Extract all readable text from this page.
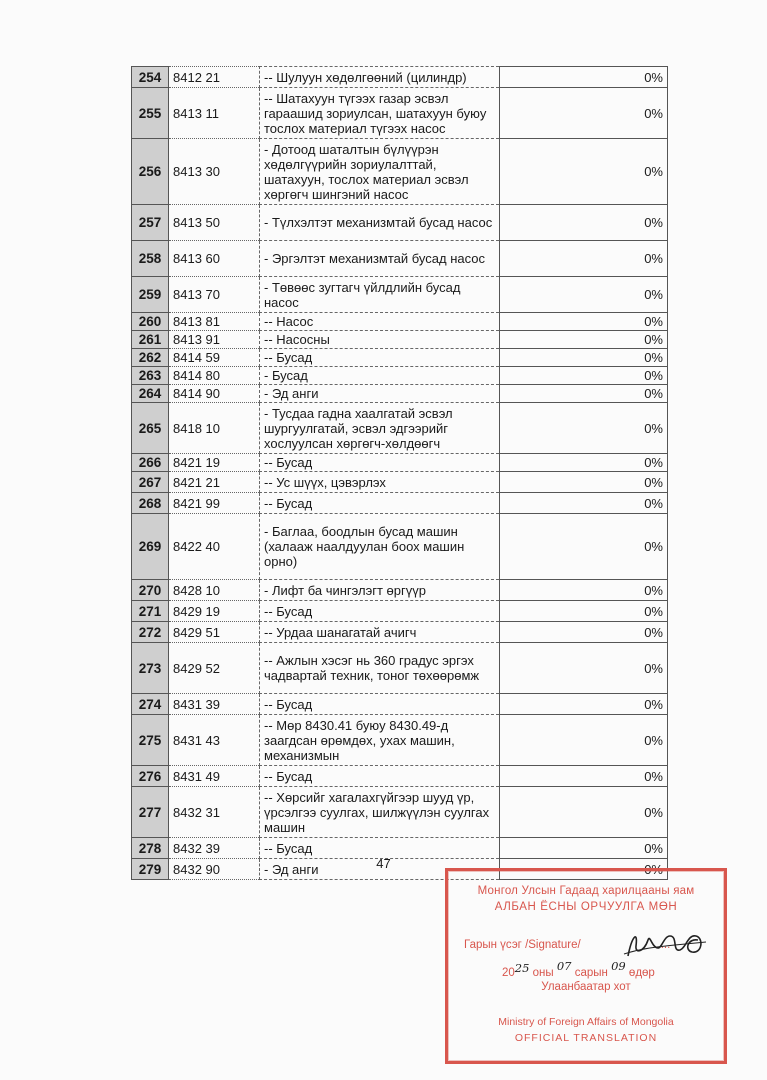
254	8412 21	-- Шулуун хөдөлгөөний (цилиндр)	0%
255	8413 11	-- Шатахуун түгээх газар эсвэл гараашид зориулсан, шатахуун буюу тослох материал түгээх насос	0%
256	8413 30	- Дотоод шаталтын бүлүүрэн хөдөлгүүрийн зориулалттай, шатахуун, тослох материал эсвэл хөргөгч шингэний насос	0%
257	8413 50	- Түлхэлтэт механизмтай бусад насос	0%
258	8413 60	- Эргэлтэт механизмтай бусад насос	0%
259	8413 70	- Төвөөс зугтагч үйлдлийн бусад насос	0%
260	8413 81	-- Насос	0%
261	8413 91	-- Насосны	0%
262	8414 59	-- Бусад	0%
263	8414 80	- Бусад	0%
264	8414 90	- Эд анги	0%
265	8418 10	- Тусдаа гадна хаалгатай эсвэл шургуулгатай, эсвэл эдгээрийг хослуулсан хөргөгч-хөлдөөгч	0%
266	8421 19	-- Бусад	0%
267	8421 21	-- Ус шүүх, цэвэрлэх	0%
268	8421 99	-- Бусад	0%
269	8422 40	- Баглаа, боодлын бусад машин (халааж наалдуулан боох машин орно)	0%
270	8428 10	- Лифт ба чингэлэгт өргүүр	0%
271	8429 19	-- Бусад	0%
272	8429 51	-- Урдаа шанагатай ачигч	0%
273	8429 52	-- Ажлын хэсэг нь 360 градус эргэх чадвартай техник, тоног төхөөрөмж	0%
274	8431 39	-- Бусад	0%
275	8431 43	-- Мөр 8430.41 буюу 8430.49-д заагдсан өрөмдөх, ухах машин, механизмын	0%
276	8431 49	-- Бусад	0%
277	8432 31	-- Хөрсийг хагалахгүйгээр шууд үр, үрсэлгээ суулгах, шилжүүлэн суулгах машин	0%
278	8432 39	-- Бусад	0%
279	8432 90	- Эд анги	0%
47
Монгол Улсын Гадаад харилцааны яам
АЛБАН ЁСНЫ ОРЧУУЛГА МӨН
Гарын үсэг /Signature/	...
2025 оны 07 сарын 09 өдөр
Улаанбаатар хот
Ministry of Foreign Affairs of Mongolia
OFFICIAL TRANSLATION
